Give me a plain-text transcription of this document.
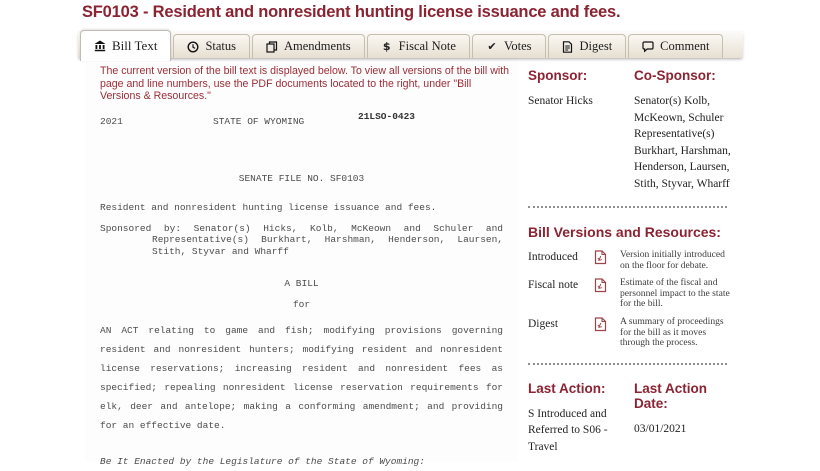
SF0103 - Resident and nonresident hunting license issuance and fees.
Bill Text	Status	Amendments	$ Fiscal Note	✔ Votes	Digest	Comment

The current version of the bill text is displayed below. To view all versions of the bill with page and line numbers, use the PDF documents located to the right, under "Bill Versions & Resources."

2021	STATE OF WYOMING	21LSO-0423
SENATE FILE NO. SF0103
Resident and nonresident hunting license issuance and fees.
Sponsored by: Senator(s) Hicks, Kolb, McKeown and Schuler and Representative(s) Burkhart, Harshman, Henderson, Laursen, Stith, Styvar and Wharff
A BILL
for

AN ACT relating to game and fish; modifying provisions governing resident and nonresident hunters; modifying resident and nonresident license reservations; increasing resident and nonresident fees as specified; repealing nonresident license reservation requirements for elk, deer and antelope; making a conforming amendment; and providing for an effective date.

Be It Enacted by the Legislature of the State of Wyoming:

Sponsor:
Senator Hicks
Co-Sponsor:
Senator(s) Kolb, McKeown, Schuler Representative(s) Burkhart, Harshman, Henderson, Laursen, Stith, Styvar, Wharff
Bill Versions and Resources:
Introduced	Version initially introduced on the floor for debate.
Fiscal note	Estimate of the fiscal and personnel impact to the state for the bill.
Digest	A summary of proceedings for the bill as it moves through the process.
Last Action:
S Introduced and Referred to S06 - Travel
Last Action Date:
03/01/2021
